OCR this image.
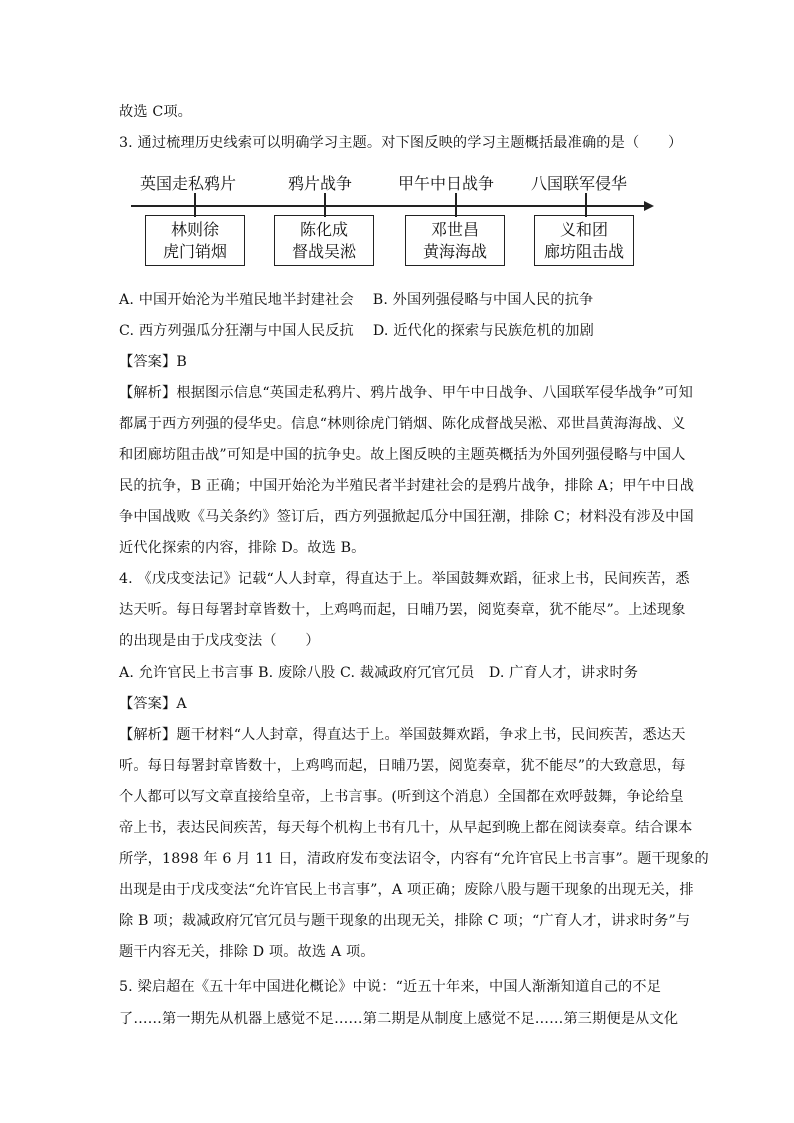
故选 C项。
3. 通过梳理历史线索可以明确学习主题。对下图反映的学习主题概括最准确的是（　　）
英国走私鸦片	鸦片战争	甲午中日战争 八国联军侵华
林则徐
虎门销烟
陈化成
督战吴淞
邓世昌
黄海海战
义和团
廊坊阻击战
A. 中国开始沦为半殖民地半封建社会　 B. 外国列强侵略与中国人民的抗争
C. 西方列强瓜分狂潮与中国人民反抗　 D. 近代化的探索与民族危机的加剧
【答案】B
【解析】根据图示信息“英国走私鸦片、鸦片战争、甲午中日战争、八国联军侵华战争”可知
都属于西方列强的侵华史。信息“林则徐虎门销烟、陈化成督战吴淞、邓世昌黄海海战、义
和团廊坊阻击战”可知是中国的抗争史。故上图反映的主题英概括为外国列强侵略与中国人
民的抗争，B 正确；中国开始沦为半殖民者半封建社会的是鸦片战争，排除 A；甲午中日战
争中国战败《马关条约》签订后，西方列强掀起瓜分中国狂潮，排除 C；材料没有涉及中国
近代化探索的内容，排除 D。故选 B。
4. 《戊戌变法记》记载“人人封章，得直达于上。举国鼓舞欢蹈，征求上书，民间疾苦，悉
达天听。每日每署封章皆数十，上鸡鸣而起，日晡乃罢，阅览奏章，犹不能尽”。上述现象
的出现是由于戊戌变法（　　）
A. 允许官民上书言事 B. 废除八股 C. 裁减政府冗官冗员　D. 广育人才，讲求时务
【答案】A
【解析】题干材料“人人封章，得直达于上。举国鼓舞欢蹈，争求上书，民间疾苦，悉达天
听。每日每署封章皆数十，上鸡鸣而起，日晡乃罢，阅览奏章，犹不能尽”的大致意思，每
个人都可以写文章直接给皇帝，上书言事。(听到这个消息）全国都在欢呼鼓舞，争论给皇
帝上书，表达民间疾苦，每天每个机构上书有几十，从早起到晚上都在阅读奏章。结合课本
所学，1898 年 6 月 11 日，清政府发布变法诏令，内容有“允许官民上书言事”。题干现象的
出现是由于戊戌变法“允许官民上书言事”，A 项正确；废除八股与题干现象的出现无关，排
除 B 项；裁减政府冗官冗员与题干现象的出现无关，排除 C 项；“广育人才，讲求时务”与
题干内容无关，排除 D 项。故选 A 项。
5. 梁启超在《五十年中国进化概论》中说：“近五十年来，中国人渐渐知道自己的不足
了……第一期先从机器上感觉不足……第二期是从制度上感觉不足……第三期便是从文化
